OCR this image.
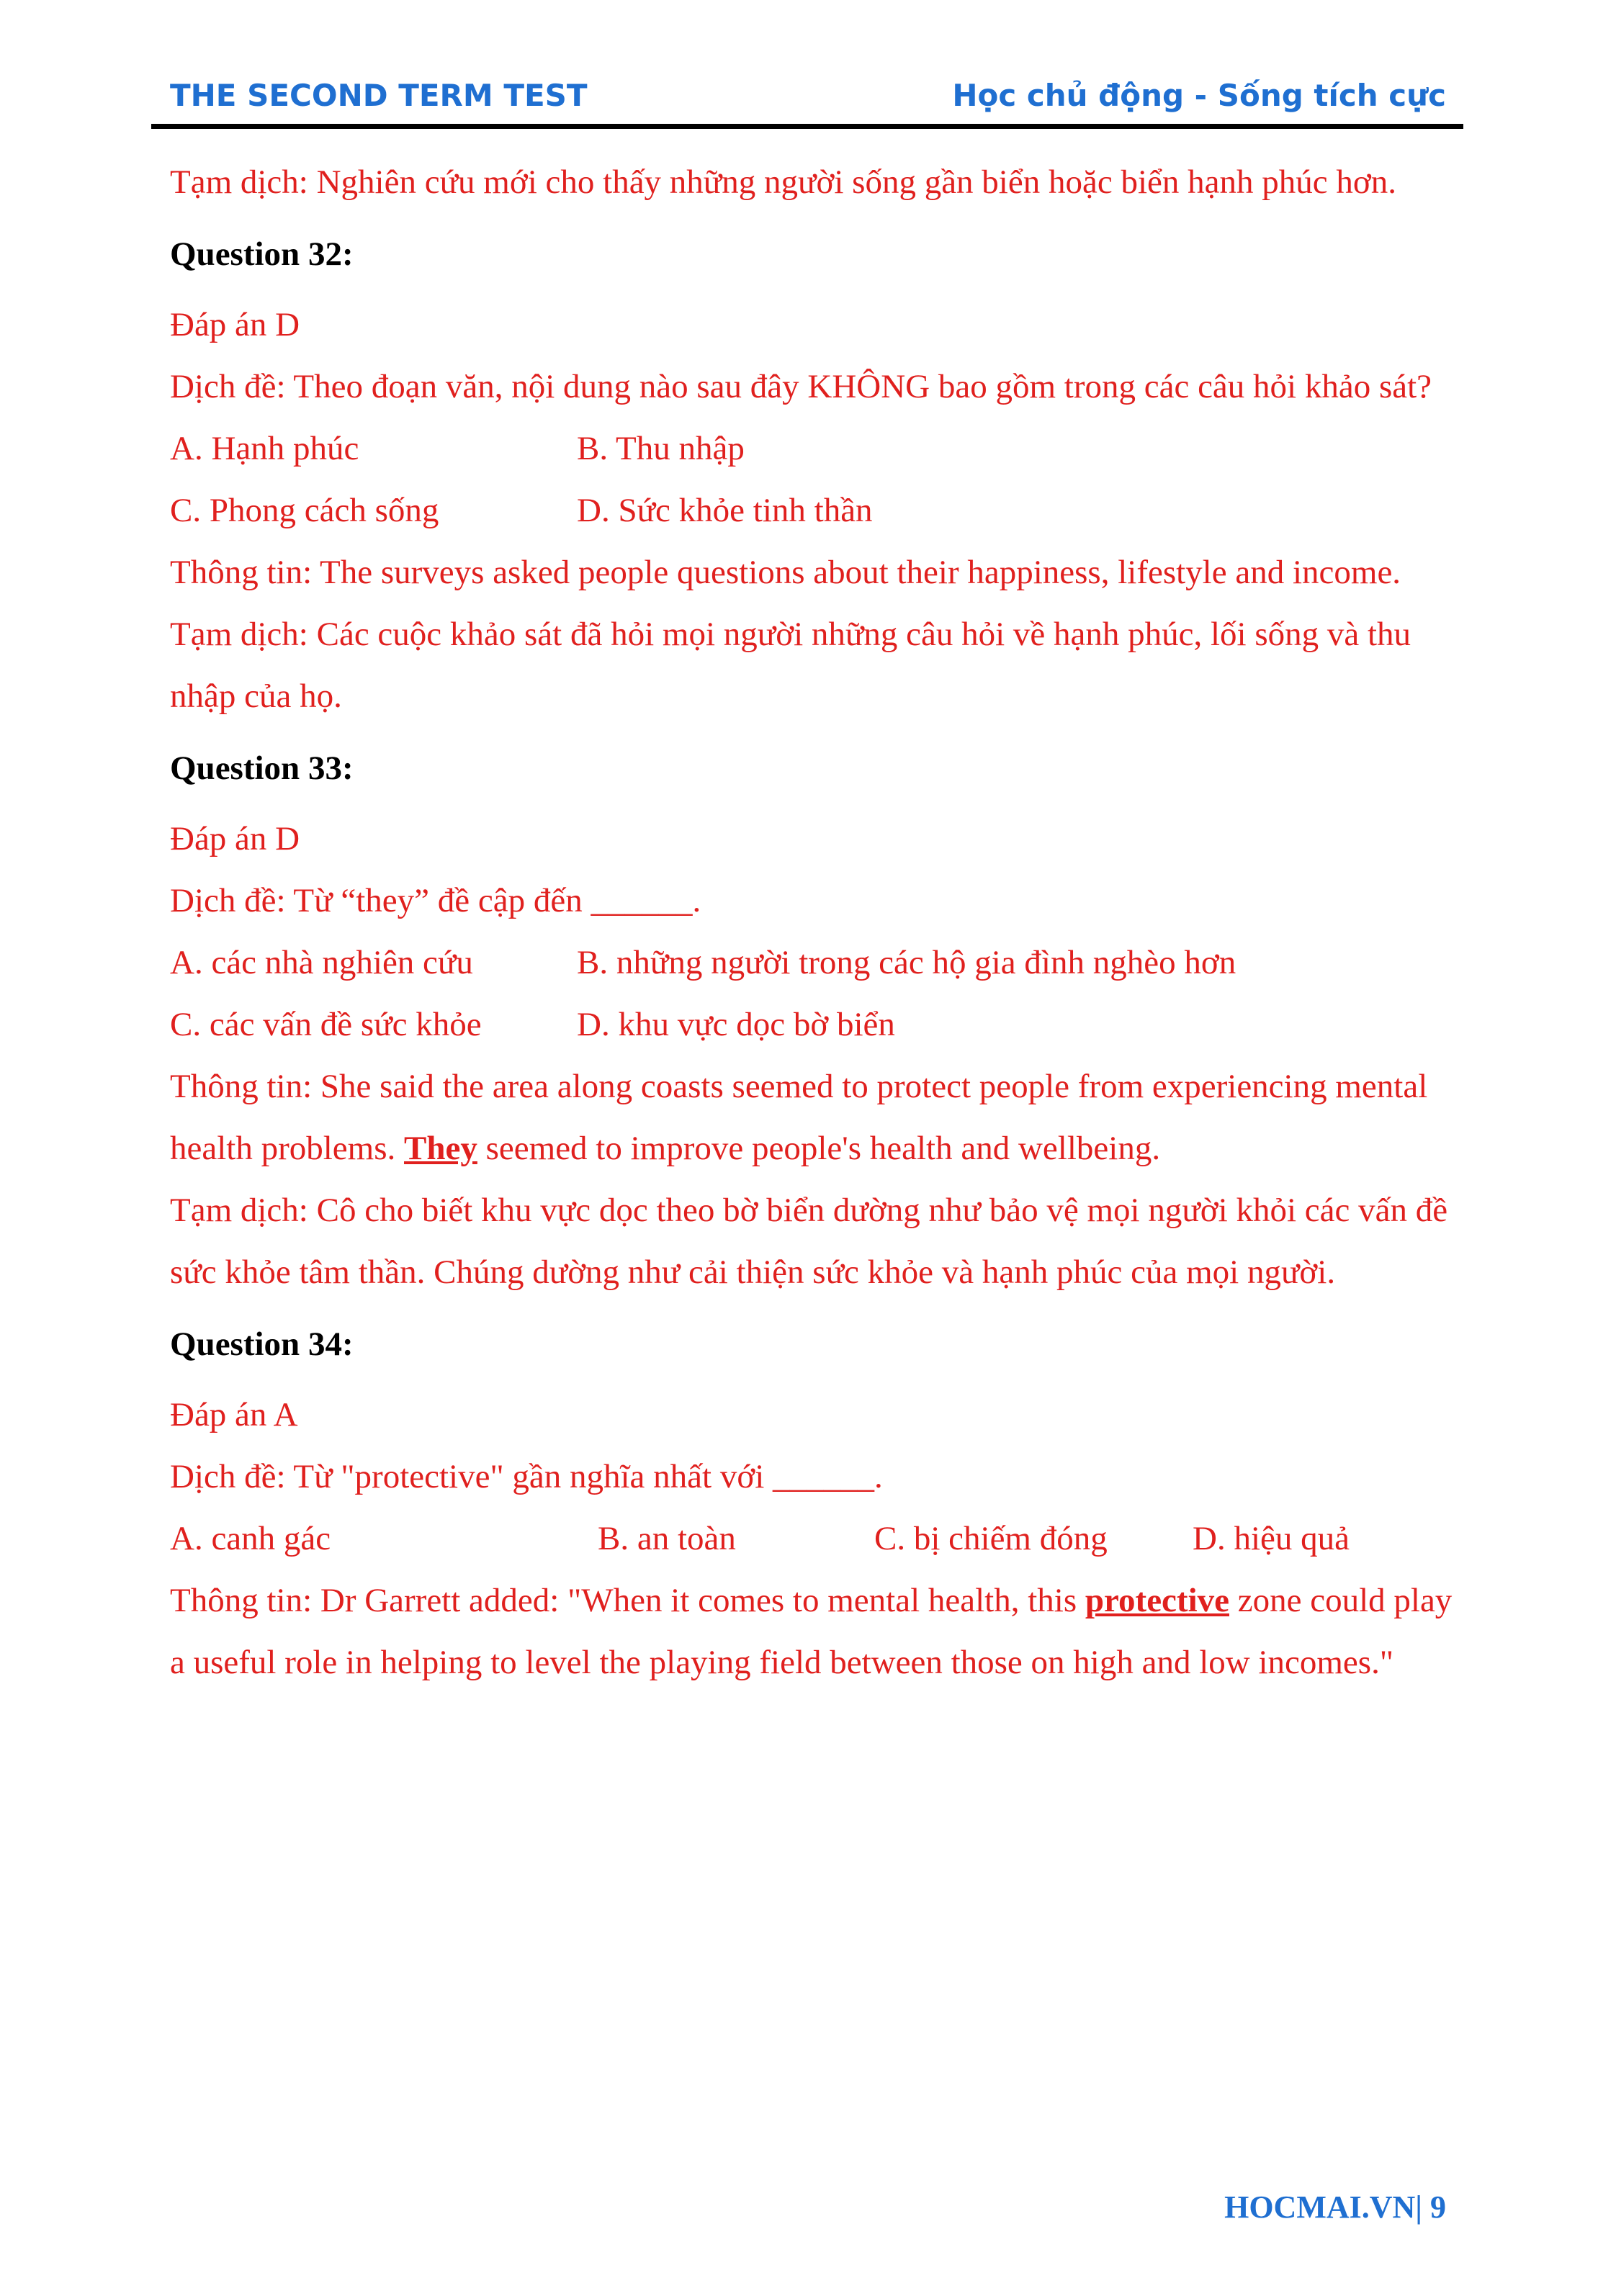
THE SECOND TERM TEST	Học chủ động - Sống tích cực

Tạm dịch: Nghiên cứu mới cho thấy những người sống gần biển hoặc biển hạnh phúc hơn.

Question 32:

Đáp án D

Dịch đề: Theo đoạn văn, nội dung nào sau đây KHÔNG bao gồm trong các câu hỏi khảo sát?

A. Hạnh phúc	B. Thu nhập
C. Phong cách sống	D. Sức khỏe tinh thần

Thông tin: The surveys asked people questions about their happiness, lifestyle and income.

Tạm dịch: Các cuộc khảo sát đã hỏi mọi người những câu hỏi về hạnh phúc, lối sống và thu nhập của họ.

Question 33:

Đáp án D

Dịch đề: Từ “they” đề cập đến ______.

A. các nhà nghiên cứu	B. những người trong các hộ gia đình nghèo hơn
C. các vấn đề sức khỏe	D. khu vực dọc bờ biển

Thông tin: She said the area along coasts seemed to protect people from experiencing mental health problems. They seemed to improve people's health and wellbeing.

Tạm dịch: Cô cho biết khu vực dọc theo bờ biển dường như bảo vệ mọi người khỏi các vấn đề sức khỏe tâm thần. Chúng dường như cải thiện sức khỏe và hạnh phúc của mọi người.

Question 34:

Đáp án A

Dịch đề: Từ "protective" gần nghĩa nhất với ______.

A. canh gác	B. an toàn	C. bị chiếm đóng	D. hiệu quả

Thông tin: Dr Garrett added: "When it comes to mental health, this protective zone could play a useful role in helping to level the playing field between those on high and low incomes."

HOCMAI.VN| 9
